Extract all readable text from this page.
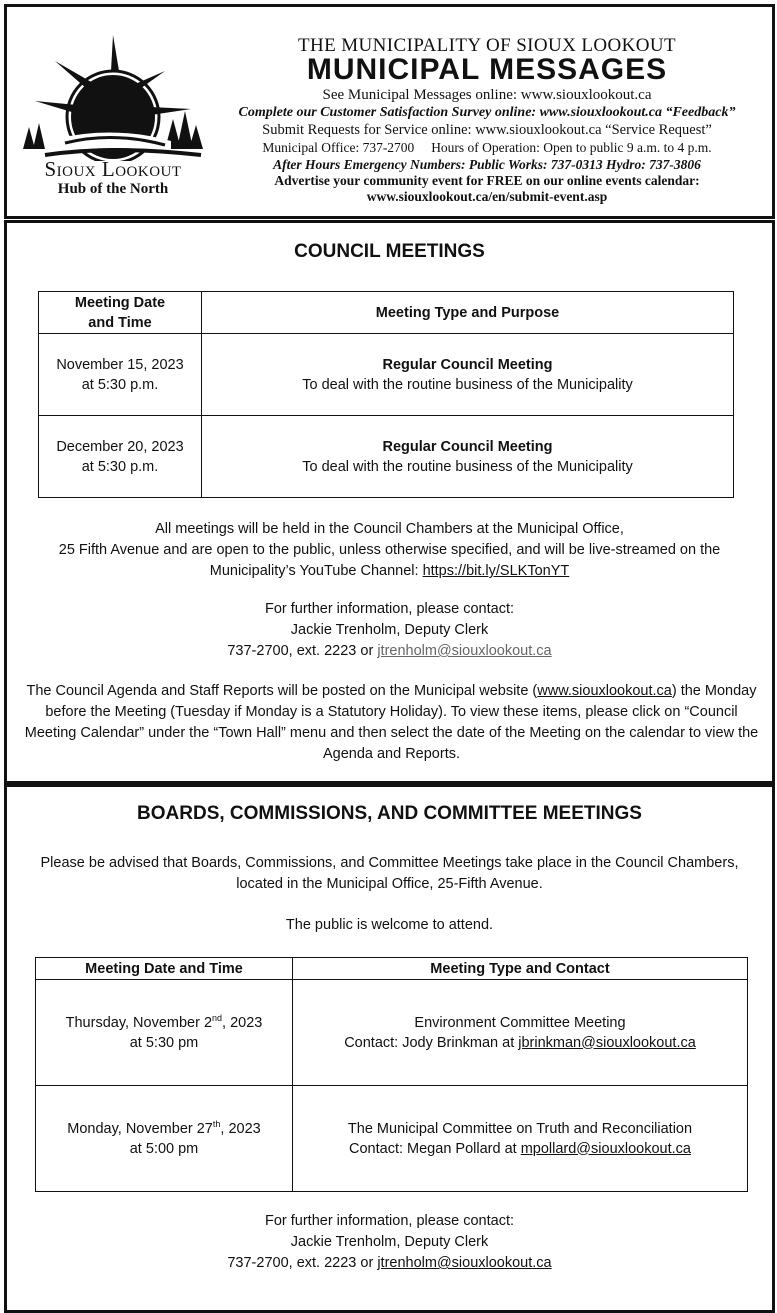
Sioux Lookout
Hub of the North
THE MUNICIPALITY OF SIOUX LOOKOUT
MUNICIPAL MESSAGES
See Municipal Messages online: www.siouxlookout.ca
Complete our Customer Satisfaction Survey online: www.siouxlookout.ca “Feedback”
Submit Requests for Service online: www.siouxlookout.ca “Service Request”
Municipal Office: 737-2700 Hours of Operation: Open to public 9 a.m. to 4 p.m.
After Hours Emergency Numbers: Public Works: 737-0313 Hydro: 737-3806
Advertise your community event for FREE on our online events calendar:
www.siouxlookout.ca/en/submit-event.asp
COUNCIL MEETINGS
Meeting Date
and Time	Meeting Type and Purpose
November 15, 2023
at 5:30 p.m.	Regular Council Meeting
To deal with the routine business of the Municipality
December 20, 2023
at 5:30 p.m.	Regular Council Meeting
To deal with the routine business of the Municipality
All meetings will be held in the Council Chambers at the Municipal Office,
25 Fifth Avenue and are open to the public, unless otherwise specified, and will be live-streamed on the
Municipality’s YouTube Channel: https://bit.ly/SLKTonYT
For further information, please contact:
Jackie Trenholm, Deputy Clerk
737-2700, ext. 2223 or jtrenholm@siouxlookout.ca
The Council Agenda and Staff Reports will be posted on the Municipal website (www.siouxlookout.ca) the Monday before the Meeting (Tuesday if Monday is a Statutory Holiday). To view these items, please click on “Council Meeting Calendar” under the “Town Hall” menu and then select the date of the Meeting on the calendar to view the Agenda and Reports.
BOARDS, COMMISSIONS, AND COMMITTEE MEETINGS
Please be advised that Boards, Commissions, and Committee Meetings take place in the Council Chambers, located in the Municipal Office, 25-Fifth Avenue.
The public is welcome to attend.
Meeting Date and Time	Meeting Type and Contact
Thursday, November 2nd, 2023
at 5:30 pm	Environment Committee Meeting
Contact: Jody Brinkman at jbrinkman@siouxlookout.ca
Monday, November 27th, 2023
at 5:00 pm	The Municipal Committee on Truth and Reconciliation
Contact: Megan Pollard at mpollard@siouxlookout.ca
For further information, please contact:
Jackie Trenholm, Deputy Clerk
737-2700, ext. 2223 or jtrenholm@siouxlookout.ca
